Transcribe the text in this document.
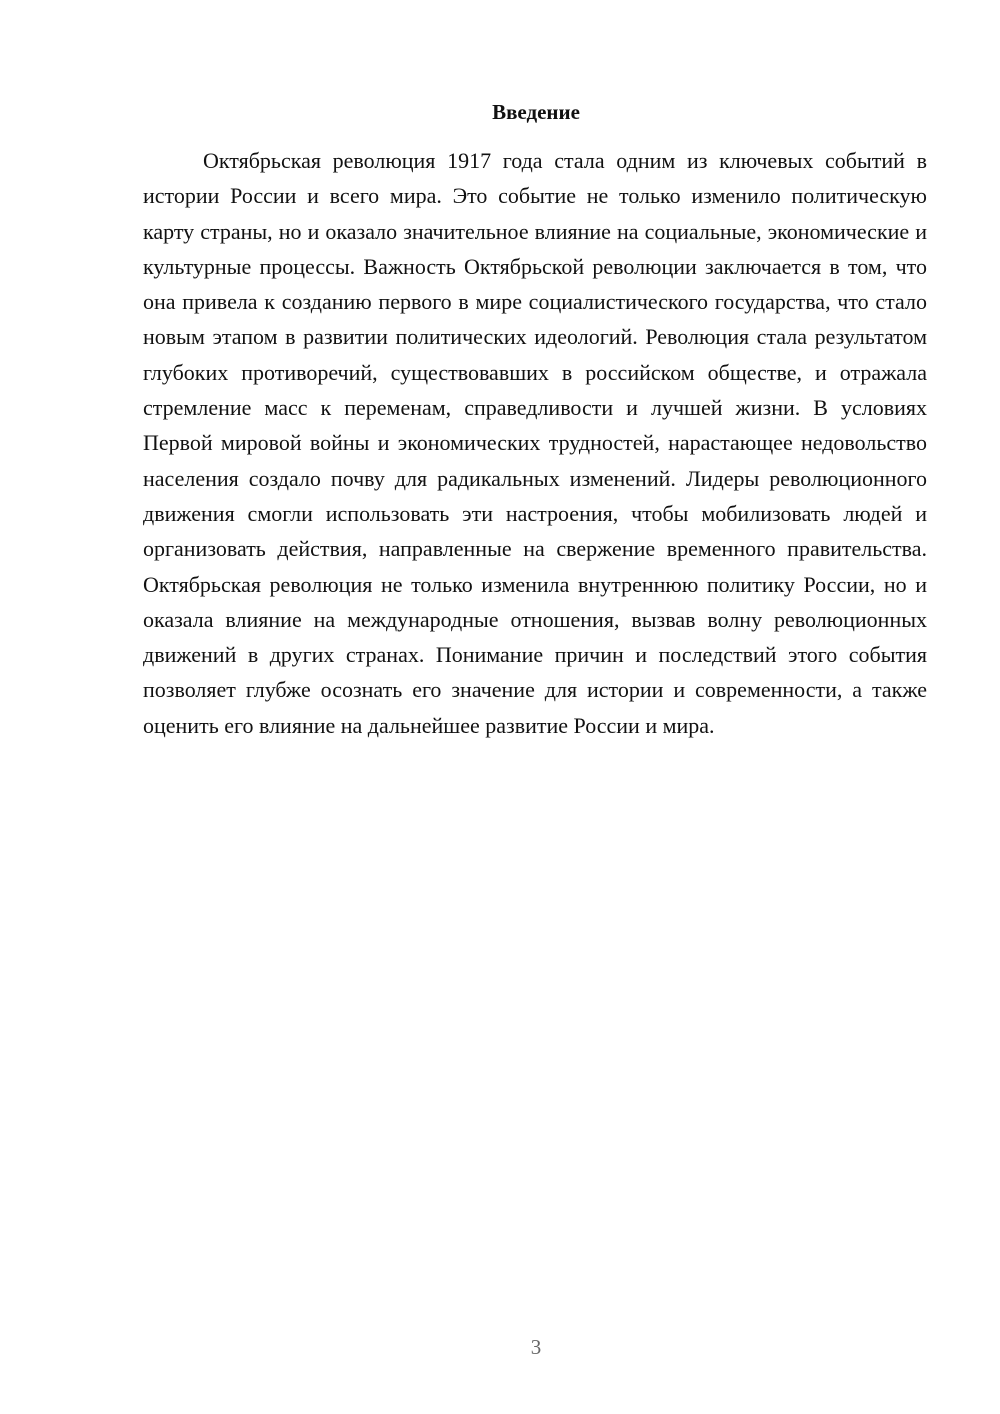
Введение

Октябрьская революция 1917 года стала одним из ключевых событий в истории России и всего мира. Это событие не только изменило политическую карту страны, но и оказало значительное влияние на социальные, экономические и культурные процессы. Важность Октябрьской революции заключается в том, что она привела к созданию первого в мире социалистического государства, что стало новым этапом в развитии политических идеологий. Революция стала результатом глубоких противоречий, существовавших в российском обществе, и отражала стремление масс к переменам, справедливости и лучшей жизни. В условиях Первой мировой войны и экономических трудностей, нарастающее недовольство населения создало почву для радикальных изменений. Лидеры революционного движения смогли использовать эти настроения, чтобы мобилизовать людей и организовать действия, направленные на свержение временного правительства. Октябрьская революция не только изменила внутреннюю политику России, но и оказала влияние на международные отношения, вызвав волну революционных движений в других странах. Понимание причин и последствий этого события позволяет глубже осознать его значение для истории и современности, а также оценить его влияние на дальнейшее развитие России и мира.

3
